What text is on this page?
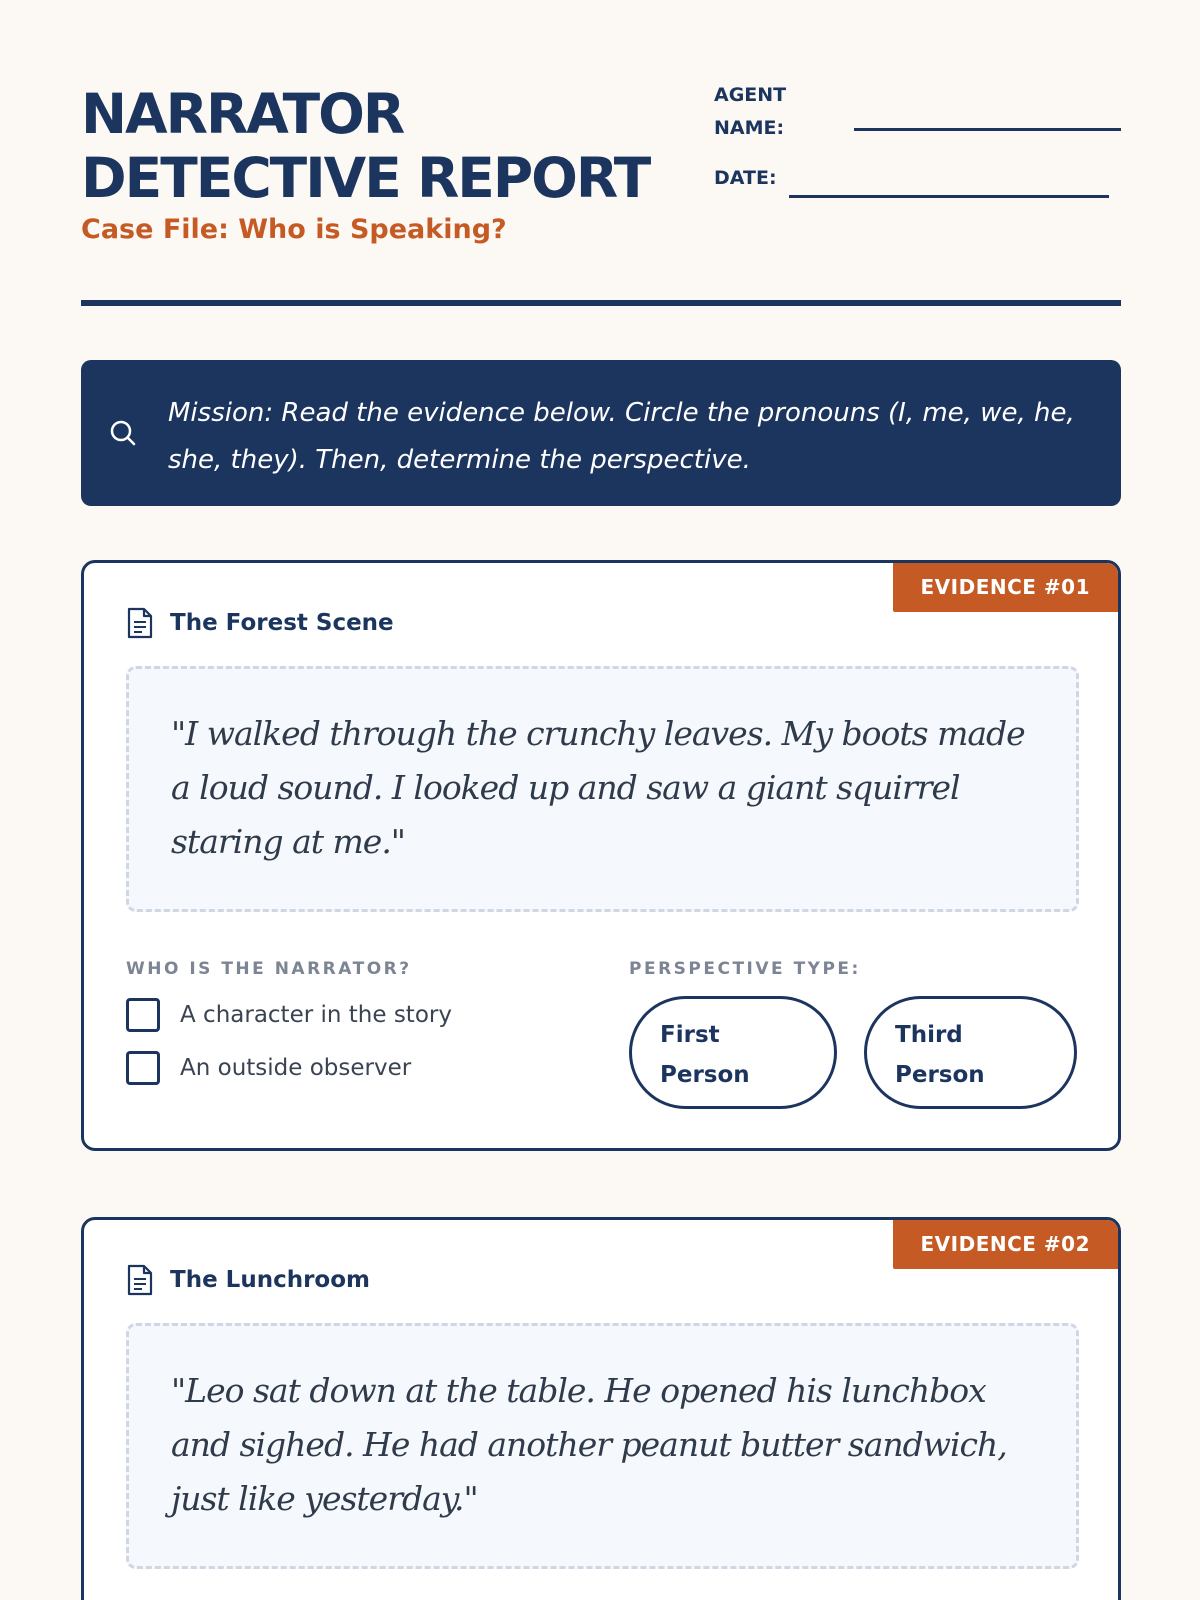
NARRATOR
DETECTIVE REPORT
Case File: Who is Speaking?
AGENT
NAME:
DATE:
Mission: Read the evidence below. Circle the pronouns (I, me, we, he, she, they). Then, determine the perspective.
EVIDENCE #01
The Forest Scene
"I walked through the crunchy leaves. My boots made a loud sound. I looked up and saw a giant squirrel staring at me."
WHO IS THE NARRATOR?
A character in the story
An outside observer
PERSPECTIVE TYPE:
First Person
Third Person
EVIDENCE #02
The Lunchroom
"Leo sat down at the table. He opened his lunchbox and sighed. He had another peanut butter sandwich, just like yesterday."
